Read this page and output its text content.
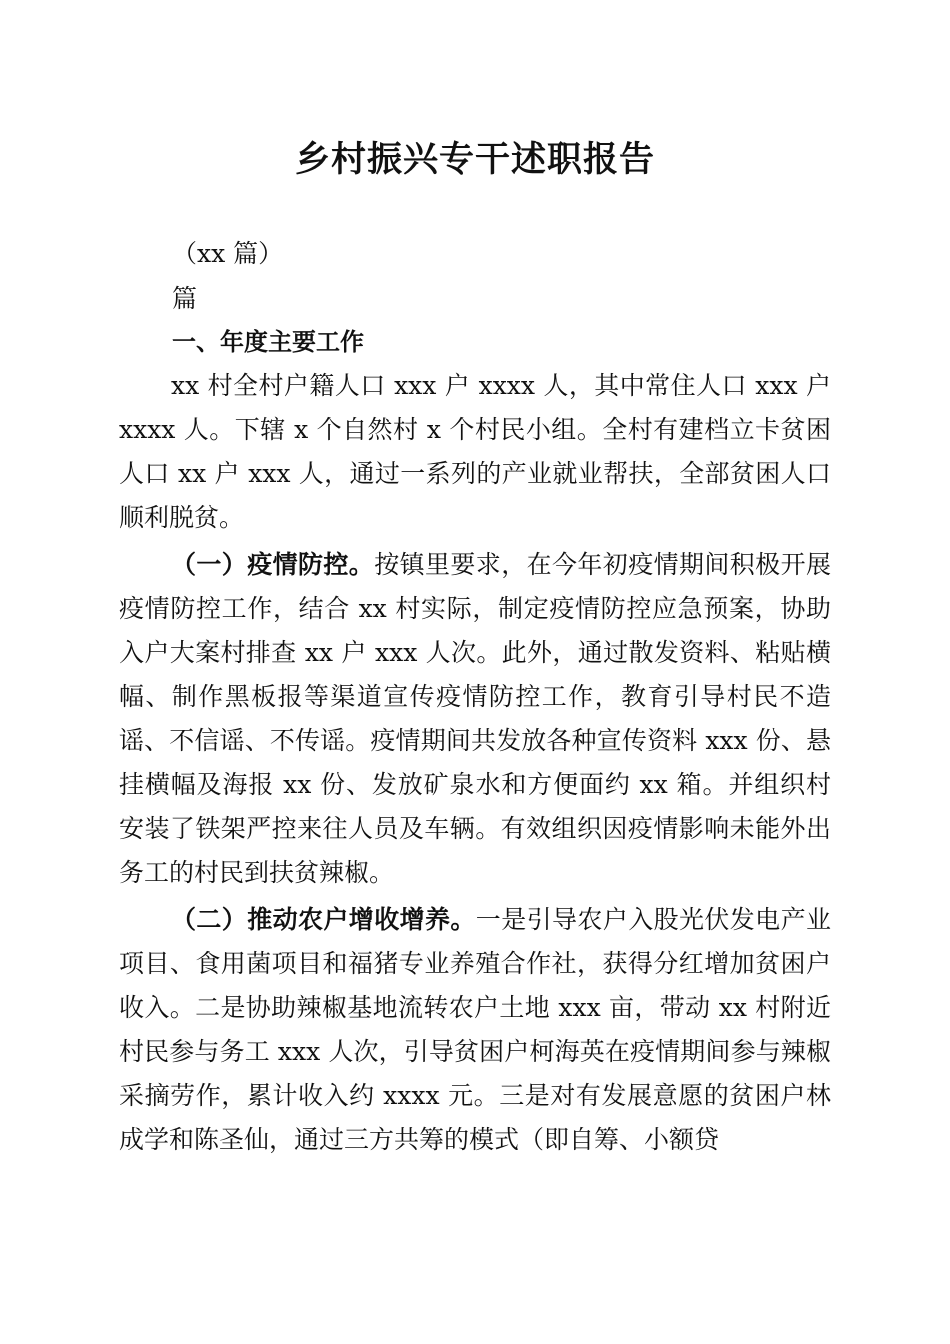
乡村振兴专干述职报告

（xx 篇）

篇

一、年度主要工作

xx 村全村户籍人口 xxx 户 xxxx 人，其中常住人口 xxx 户 xxxx 人。下辖 x 个自然村 x 个村民小组。全村有建档立卡贫困人口 xx 户 xxx 人，通过一系列的产业就业帮扶，全部贫困人口顺利脱贫。

（一）疫情防控。按镇里要求，在今年初疫情期间积极开展疫情防控工作，结合 xx 村实际，制定疫情防控应急预案，协助入户大案村排查 xx 户 xxx 人次。此外，通过散发资料、粘贴横幅、制作黑板报等渠道宣传疫情防控工作，教育引导村民不造谣、不信谣、不传谣。疫情期间共发放各种宣传资料 xxx 份、悬挂横幅及海报 xx 份、发放矿泉水和方便面约 xx 箱。并组织村安装了铁架严控来往人员及车辆。有效组织因疫情影响未能外出务工的村民到扶贫辣椒。

（二）推动农户增收增养。一是引导农户入股光伏发电产业项目、食用菌项目和福猪专业养殖合作社，获得分红增加贫困户收入。二是协助辣椒基地流转农户土地 xxx 亩，带动 xx 村附近村民参与务工 xxx 人次，引导贫困户柯海英在疫情期间参与辣椒采摘劳作，累计收入约 xxxx 元。三是对有发展意愿的贫困户林成学和陈圣仙，通过三方共筹的模式（即自筹、小额贷
